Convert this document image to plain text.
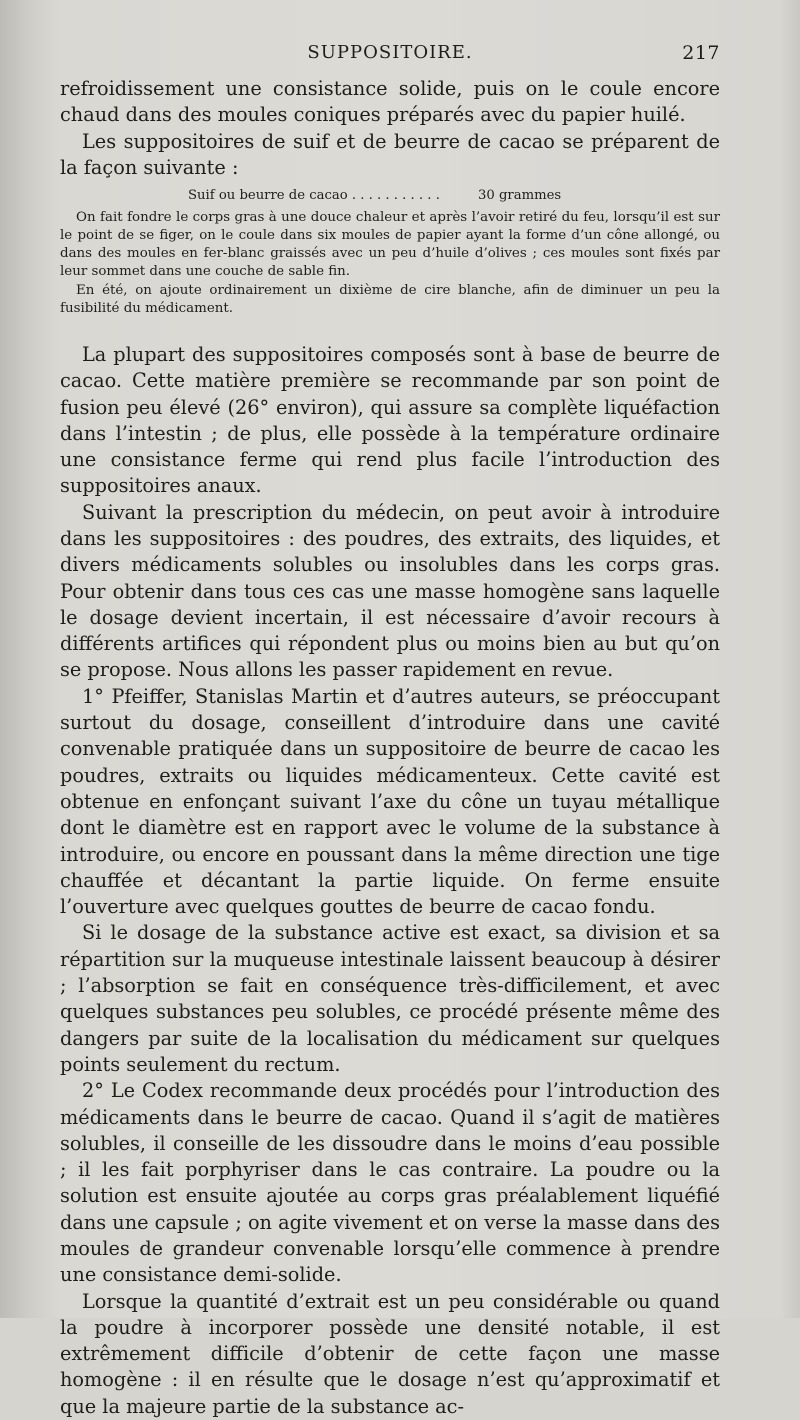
SUPPOSITOIRE.	217

refroidissement une consistance solide, puis on le coule encore chaud dans des moules coniques préparés avec du papier huilé.

Les suppositoires de suif et de beurre de cacao se préparent de la façon suivante :

Suif ou beurre de cacao . . . . . . . . . . .	30 grammes

On fait fondre le corps gras à une douce chaleur et après l’avoir retiré du feu, lorsqu’il est sur le point de se figer, on le coule dans six moules de papier ayant la forme d’un cône allongé, ou dans des moules en fer-blanc graissés avec un peu d’huile d’olives ; ces moules sont fixés par leur sommet dans une couche de sable fin.

En été, on ajoute ordinairement un dixième de cire blanche, afin de diminuer un peu la fusibilité du médicament.

La plupart des suppositoires composés sont à base de beurre de cacao. Cette matière première se recommande par son point de fusion peu élevé (26° environ), qui assure sa complète liquéfaction dans l’intestin ; de plus, elle possède à la température ordinaire une consistance ferme qui rend plus facile l’introduction des suppositoires anaux.

Suivant la prescription du médecin, on peut avoir à introduire dans les suppositoires : des poudres, des extraits, des liquides, et divers médicaments solubles ou insolubles dans les corps gras. Pour obtenir dans tous ces cas une masse homogène sans laquelle le dosage devient incertain, il est nécessaire d’avoir recours à différents artifices qui répondent plus ou moins bien au but qu’on se propose. Nous allons les passer rapidement en revue.

1° Pfeiffer, Stanislas Martin et d’autres auteurs, se préoccupant surtout du dosage, conseillent d’introduire dans une cavité convenable pratiquée dans un suppositoire de beurre de cacao les poudres, extraits ou liquides médicamenteux. Cette cavité est obtenue en enfonçant suivant l’axe du cône un tuyau métallique dont le diamètre est en rapport avec le volume de la substance à introduire, ou encore en poussant dans la même direction une tige chauffée et décantant la partie liquide. On ferme ensuite l’ouverture avec quelques gouttes de beurre de cacao fondu.

Si le dosage de la substance active est exact, sa division et sa répartition sur la muqueuse intestinale laissent beaucoup à désirer ; l’absorption se fait en conséquence très-difficilement, et avec quelques substances peu solubles, ce procédé présente même des dangers par suite de la localisation du médicament sur quelques points seulement du rectum.

2° Le Codex recommande deux procédés pour l’introduction des médicaments dans le beurre de cacao. Quand il s’agit de matières solubles, il conseille de les dissoudre dans le moins d’eau possible ; il les fait porphyriser dans le cas contraire. La poudre ou la solution est ensuite ajoutée au corps gras préalablement liquéfié dans une capsule ; on agite vivement et on verse la masse dans des moules de grandeur convenable lorsqu’elle commence à prendre une consistance demi-solide.

Lorsque la quantité d’extrait est un peu considérable ou quand la poudre à incorporer possède une densité notable, il est extrêmement difficile d’obtenir de cette façon une masse homogène : il en résulte que le dosage n’est qu’approximatif et que la majeure partie de la substance ac-
